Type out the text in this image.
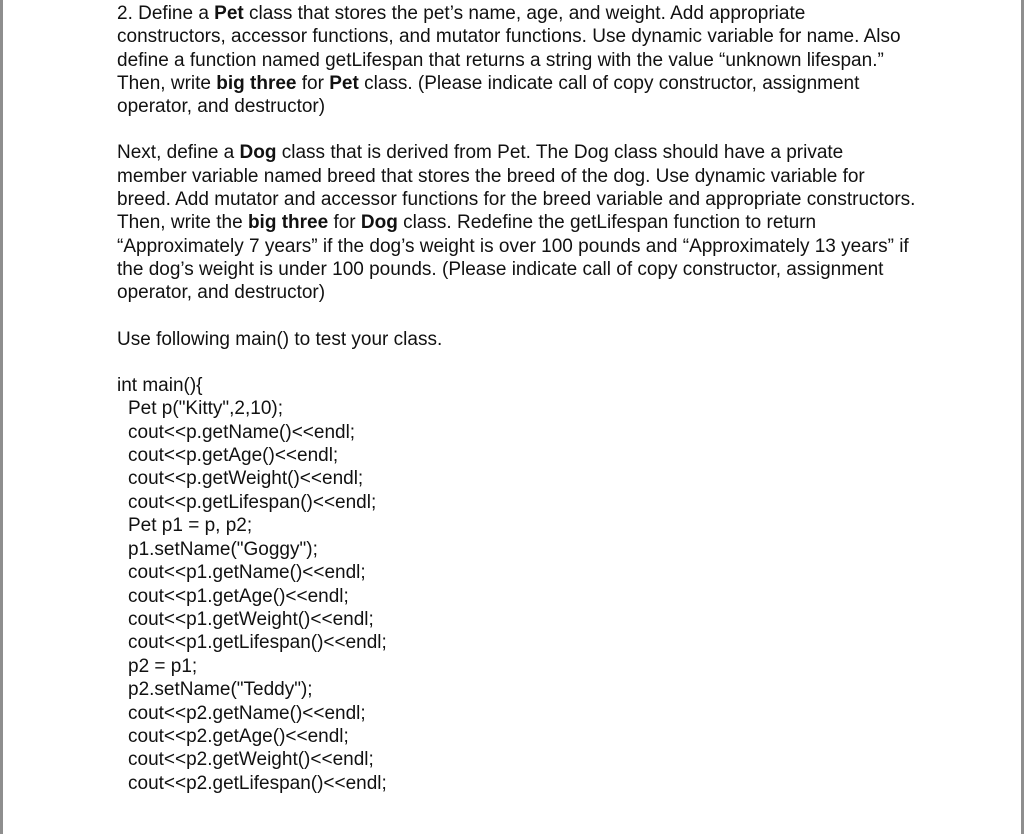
2. Define a Pet class that stores the pet’s name, age, and weight. Add appropriate constructors, accessor functions, and mutator functions. Use dynamic variable for name. Also define a function named getLifespan that returns a string with the value “unknown lifespan.” Then, write big three for Pet class. (Please indicate call of copy constructor, assignment operator, and destructor)

Next, define a Dog class that is derived from Pet. The Dog class should have a private member variable named breed that stores the breed of the dog. Use dynamic variable for breed. Add mutator and accessor functions for the breed variable and appropriate constructors. Then, write the big three for Dog class. Redefine the getLifespan function to return “Approximately 7 years” if the dog’s weight is over 100 pounds and “Approximately 13 years” if the dog’s weight is under 100 pounds. (Please indicate call of copy constructor, assignment operator, and destructor)

Use following main() to test your class.

int main(){
Pet p("Kitty",2,10);
cout<<p.getName()<<endl;
cout<<p.getAge()<<endl;
cout<<p.getWeight()<<endl;
cout<<p.getLifespan()<<endl;
Pet p1 = p, p2;
p1.setName("Goggy");
cout<<p1.getName()<<endl;
cout<<p1.getAge()<<endl;
cout<<p1.getWeight()<<endl;
cout<<p1.getLifespan()<<endl;
p2 = p1;
p2.setName("Teddy");
cout<<p2.getName()<<endl;
cout<<p2.getAge()<<endl;
cout<<p2.getWeight()<<endl;
cout<<p2.getLifespan()<<endl;
